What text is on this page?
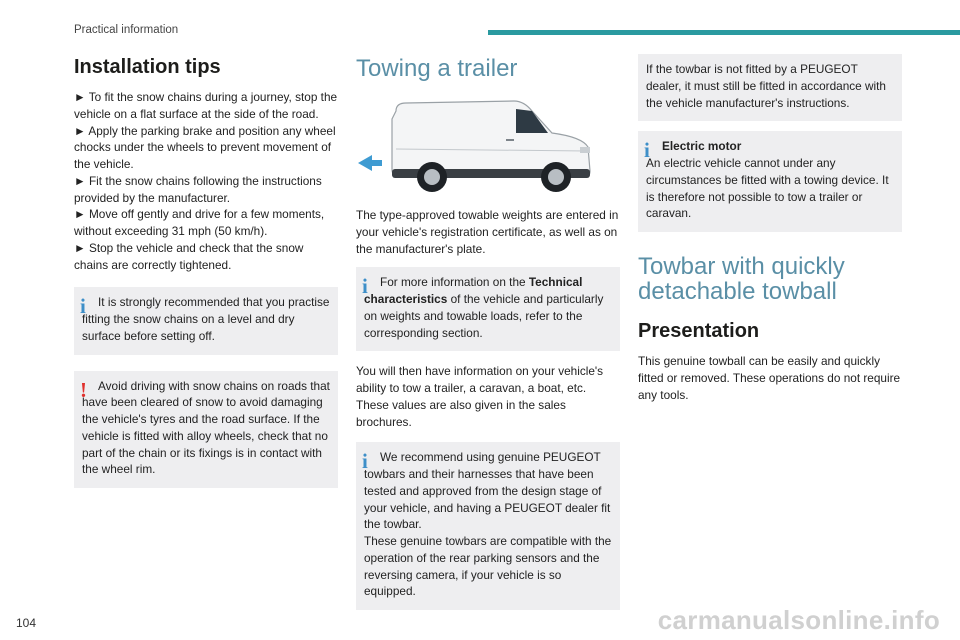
Practical information
Installation tips

► To fit the snow chains during a journey, stop the vehicle on a flat surface at the side of the road.

► Apply the parking brake and position any wheel chocks under the wheels to prevent movement of the vehicle.

► Fit the snow chains following the instructions provided by the manufacturer.

► Move off gently and drive for a few moments, without exceeding 31 mph (50 km/h).

► Stop the vehicle and check that the snow chains are correctly tightened.

i It is strongly recommended that you practise fitting the snow chains on a level and dry surface before setting off.
! Avoid driving with snow chains on roads that have been cleared of snow to avoid damaging the vehicle's tyres and the road surface. If the vehicle is fitted with alloy wheels, check that no part of the chain or its fixings is in contact with the wheel rim.
Towing a trailer

The type-approved towable weights are entered in your vehicle's registration certificate, as well as on the manufacturer's plate.

i For more information on the Technical characteristics of the vehicle and particularly on weights and towable loads, refer to the corresponding section.

You will then have information on your vehicle's ability to tow a trailer, a caravan, a boat, etc. These values are also given in the sales brochures.

i We recommend using genuine PEUGEOT towbars and their harnesses that have been tested and approved from the design stage of your vehicle, and having a PEUGEOT dealer fit the towbar.
These genuine towbars are compatible with the operation of the rear parking sensors and the reversing camera, if your vehicle is so equipped.
If the towbar is not fitted by a PEUGEOT dealer, it must still be fitted in accordance with the vehicle manufacturer's instructions.
i Electric motor
An electric vehicle cannot under any circumstances be fitted with a towing device. It is therefore not possible to tow a trailer or caravan.
Towbar with quickly detachable towball
Presentation

This genuine towball can be easily and quickly fitted or removed. These operations do not require any tools.

104	carmanualsonline.info
